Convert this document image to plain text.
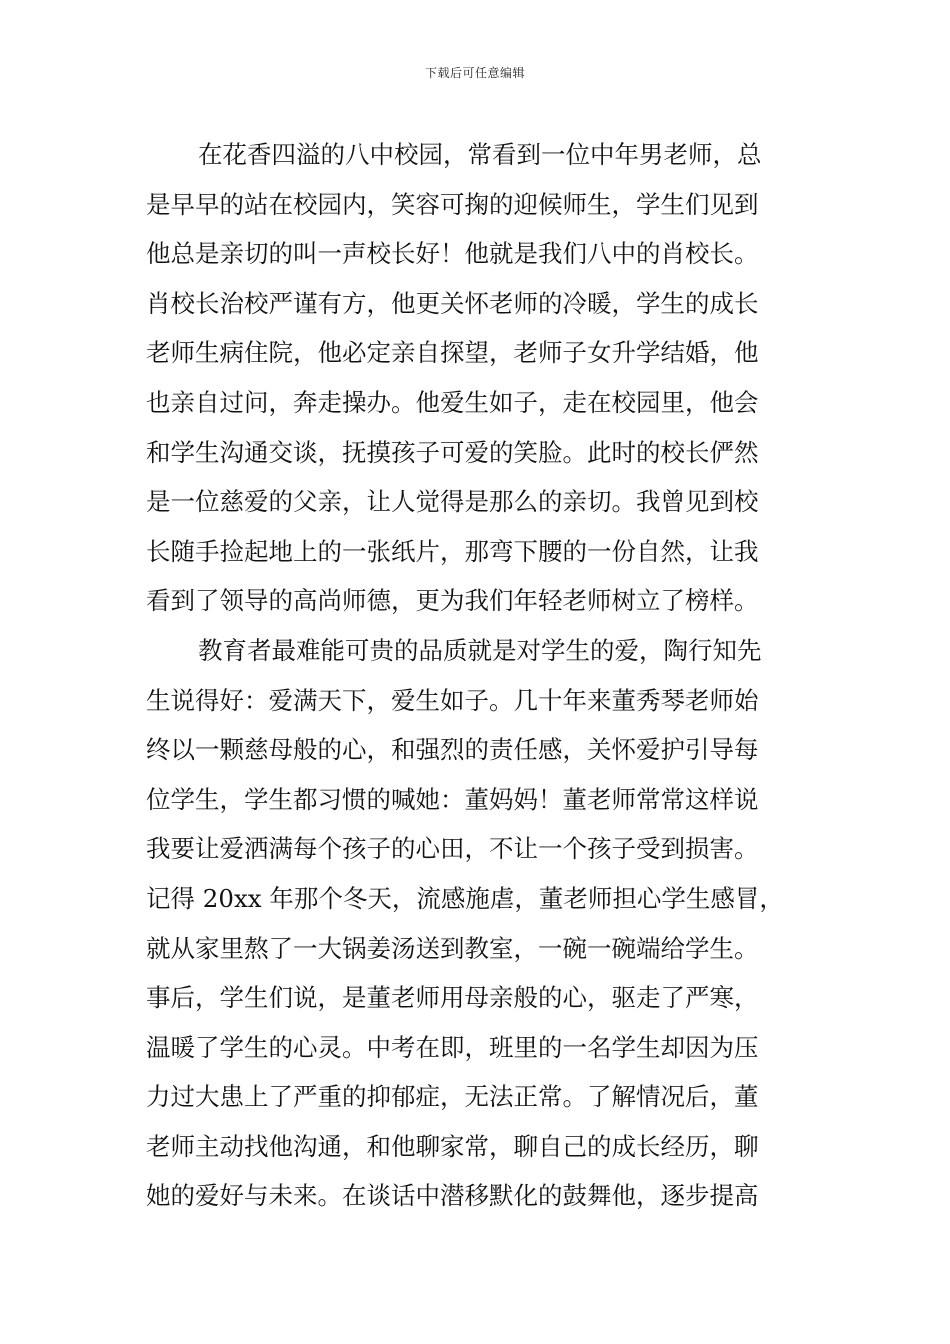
下载后可任意编辑
在花香四溢的八中校园，常看到一位中年男老师，总
是早早的站在校园内，笑容可掬的迎候师生，学生们见到
他总是亲切的叫一声校长好！他就是我们八中的肖校长。
肖校长治校严谨有方，他更关怀老师的冷暖，学生的成长
老师生病住院，他必定亲自探望，老师子女升学结婚，他
也亲自过问，奔走操办。他爱生如子，走在校园里，他会
和学生沟通交谈，抚摸孩子可爱的笑脸。此时的校长俨然
是一位慈爱的父亲，让人觉得是那么的亲切。我曾见到校
长随手捡起地上的一张纸片，那弯下腰的一份自然，让我
看到了领导的高尚师德，更为我们年轻老师树立了榜样。
教育者最难能可贵的品质就是对学生的爱，陶行知先
生说得好：爱满天下，爱生如子。几十年来董秀琴老师始
终以一颗慈母般的心，和强烈的责任感，关怀爱护引导每
位学生，学生都习惯的喊她：董妈妈！董老师常常这样说
我要让爱洒满每个孩子的心田，不让一个孩子受到损害。
记得 20xx 年那个冬天，流感施虐，董老师担心学生感冒，
就从家里熬了一大锅姜汤送到教室，一碗一碗端给学生。
事后，学生们说，是董老师用母亲般的心，驱走了严寒，
温暖了学生的心灵。中考在即，班里的一名学生却因为压
力过大患上了严重的抑郁症，无法正常。了解情况后，董
老师主动找他沟通，和他聊家常，聊自己的成长经历，聊
她的爱好与未来。在谈话中潜移默化的鼓舞他，逐步提高
